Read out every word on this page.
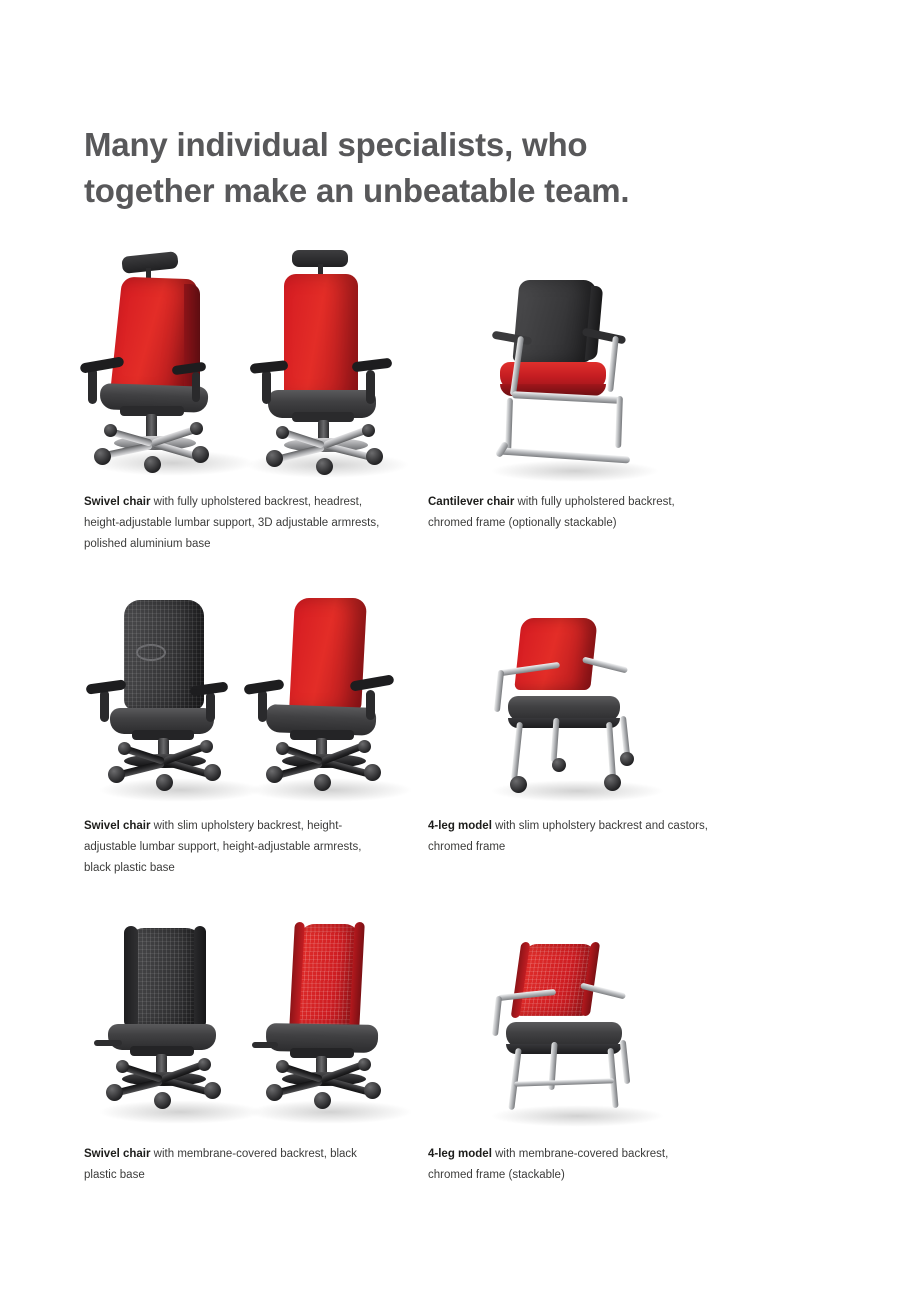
Many individual specialists, who
together make an unbeatable team.
Swivel chair with fully upholstered backrest, headrest, height-adjustable lumbar support, 3D adjustable armrests, polished aluminium base
Cantilever chair with fully upholstered backrest, chromed frame (optionally stackable)
Swivel chair with slim upholstery backrest, height-adjustable lumbar support, height-adjustable armrests, black plastic base
4-leg model with slim upholstery backrest and castors, chromed frame
Swivel chair with membrane-covered backrest, black plastic base
4-leg model with membrane-covered backrest, chromed frame (stackable)
